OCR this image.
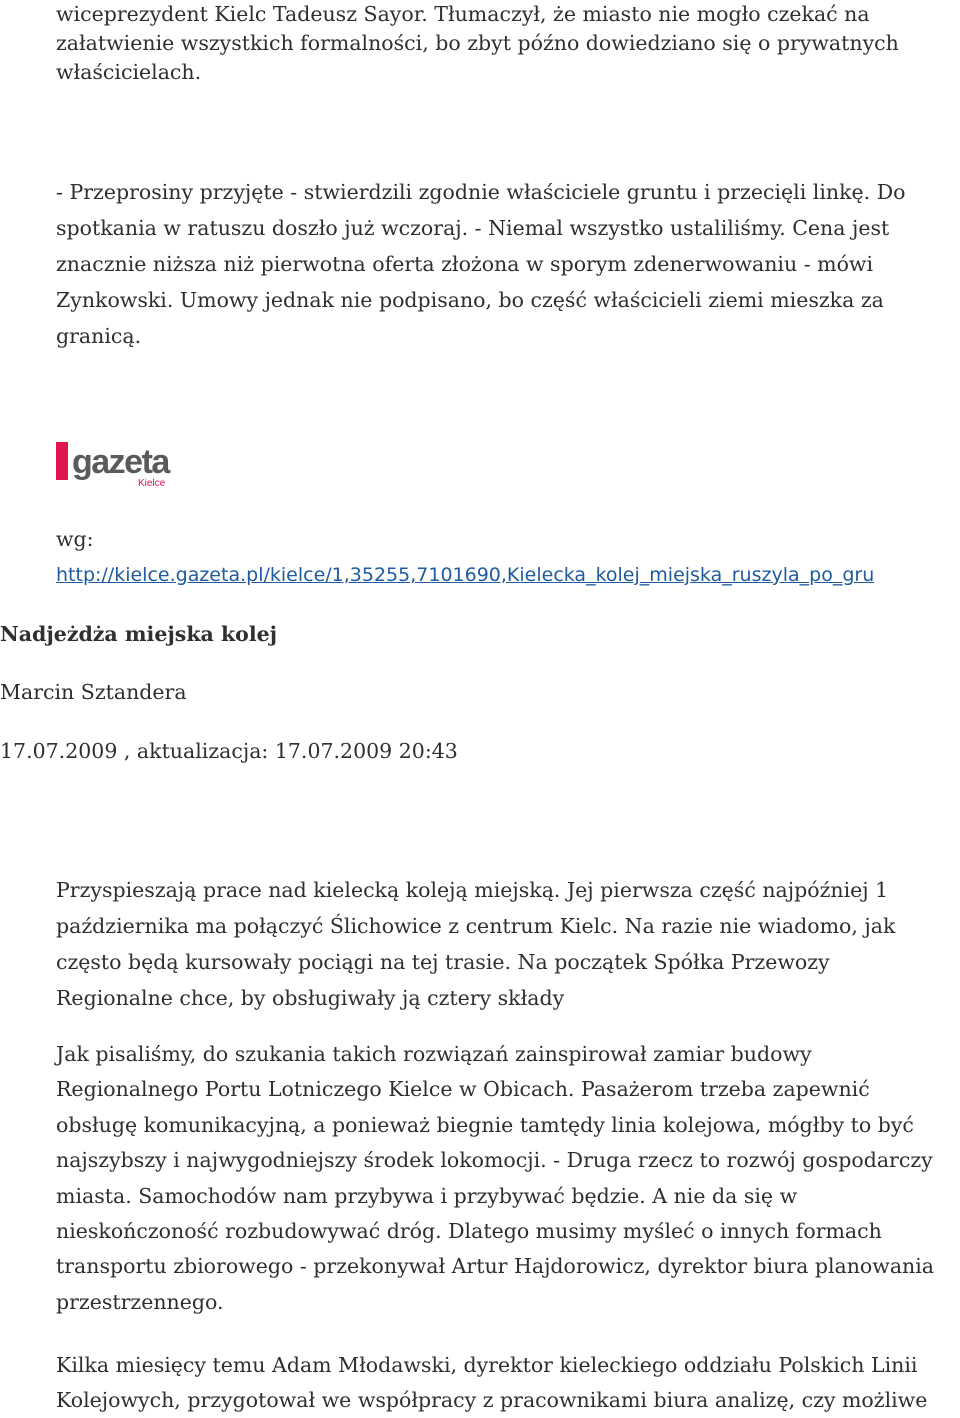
wiceprezydent Kielc Tadeusz Sayor. Tłumaczył, że miasto nie mogło czekać na
załatwienie wszystkich formalności, bo zbyt późno dowiedziano się o prywatnych
właścicielach.
- Przeprosiny przyjęte - stwierdzili zgodnie właściciele gruntu i przecięli linkę. Do
spotkania w ratuszu doszło już wczoraj. - Niemal wszystko ustaliliśmy. Cena jest
znacznie niższa niż pierwotna oferta złożona w sporym zdenerwowaniu - mówi
Zynkowski. Umowy jednak nie podpisano, bo część właścicieli ziemi mieszka za
granicą.
gazeta
Kielce
wg:
http://kielce.gazeta.pl/kielce/1,35255,7101690,Kielecka_kolej_miejska_ruszyla_po_gru
Nadjeżdża miejska kolej
Marcin Sztandera
17.07.2009 , aktualizacja: 17.07.2009 20:43
Przyspieszają prace nad kielecką koleją miejską. Jej pierwsza część najpóźniej 1
października ma połączyć Ślichowice z centrum Kielc. Na razie nie wiadomo, jak
często będą kursowały pociągi na tej trasie. Na początek Spółka Przewozy
Regionalne chce, by obsługiwały ją cztery składy
Jak pisaliśmy, do szukania takich rozwiązań zainspirował zamiar budowy
Regionalnego Portu Lotniczego Kielce w Obicach. Pasażerom trzeba zapewnić
obsługę komunikacyjną, a ponieważ biegnie tamtędy linia kolejowa, mógłby to być
najszybszy i najwygodniejszy środek lokomocji. - Druga rzecz to rozwój gospodarczy
miasta. Samochodów nam przybywa i przybywać będzie. A nie da się w
nieskończoność rozbudowywać dróg. Dlatego musimy myśleć o innych formach
transportu zbiorowego - przekonywał Artur Hajdorowicz, dyrektor biura planowania
przestrzennego.
Kilka miesięcy temu Adam Młodawski, dyrektor kieleckiego oddziału Polskich Linii
Kolejowych, przygotował we współpracy z pracownikami biura analizę, czy możliwe
